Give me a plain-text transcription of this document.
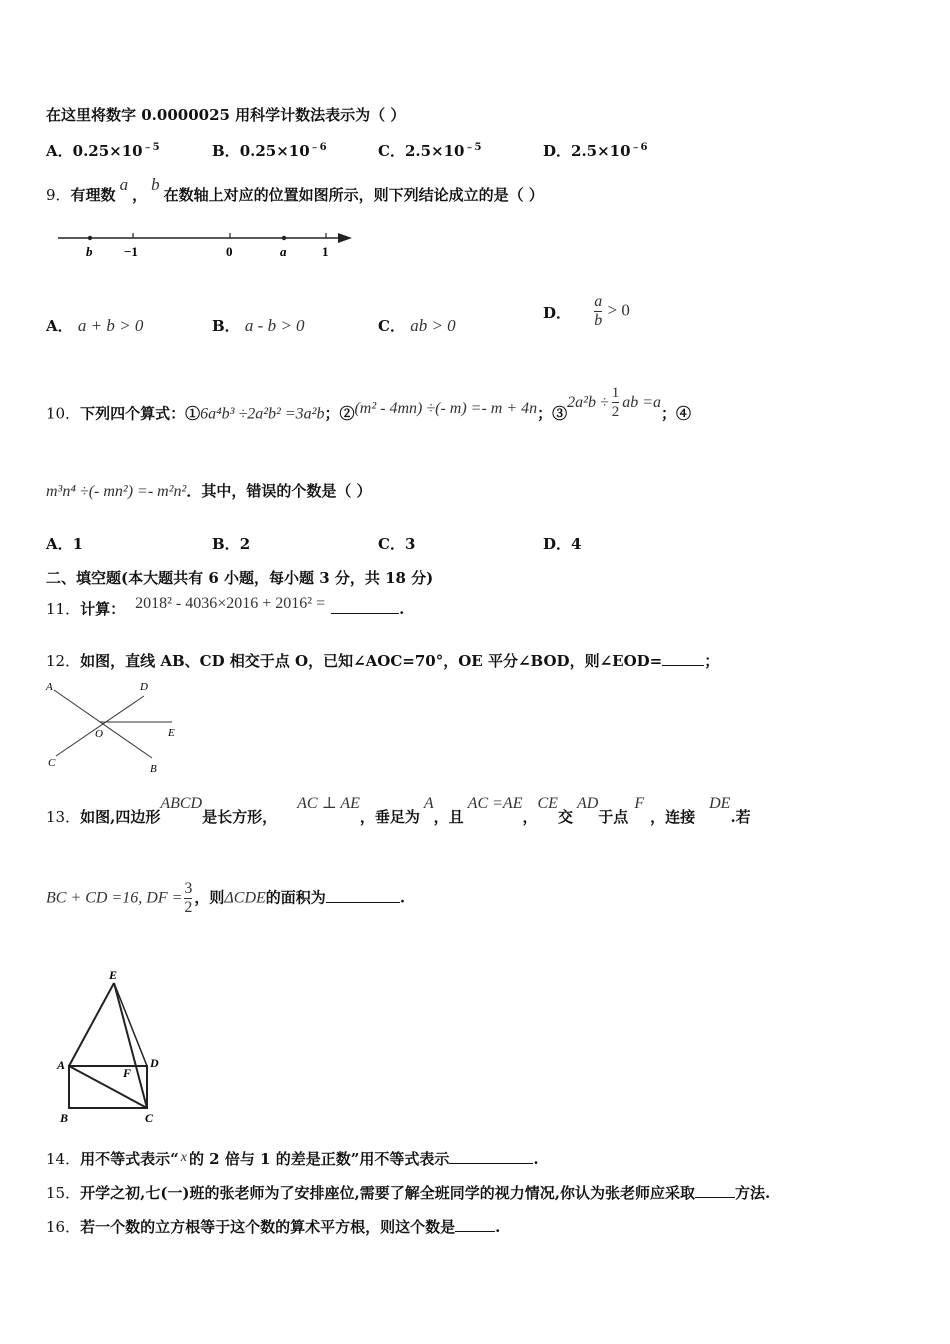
在这里将数字 0.0000025 用科学计数法表示为（ ）
A．$0.25\times 10^{﹣5}$	B．$0.25\times 10^{﹣6}$	C．$2.5\times 10^{﹣5}$	D．$2.5\times 10^{﹣6}$
9．有理数a，b在数轴上对应的位置如图所示，则下列结论成立的是（ ）
b −1	0	a	1
A． a + b > 0	B． a - b > 0	C． ab > 0
D． $\frac{a}{b} > 0$
10．下列四个算式：①6a⁴b³ ÷2a²b² =3a²b；②(m² - 4mn) ÷(- m) =- m + 4n；③2a²b ÷ $\frac{1}{2}$ ab =a；④
m³n⁴ ÷(- mn²) =- m²n²．其中，错误的个数是（ ）
A．1	B．2	C．3	D．4
二、填空题(本大题共有 6 小题，每小题 3 分，共 18 分)
11．计算： 2018² - 4036×2016 + 2016² =	.
12．如图，直线 AB、CD 相交于点 O，已知∠AOC=70°，OE 平分∠BOD，则∠EOD=	；
A	D
O	E
C	B
13．如图,四边形ABCD是长方形，AC ⊥ AE，垂足为A，且AC =AE，CE交AD于点F，连接DE.若
BC + CD =16, DF = $\frac{3}{2}$ ，则ΔCDE的面积为	.
E
A	D
F
B	C
14．用不等式表示“ x 的 2 倍与 1 的差是正数”用不等式表示	.
15．开学之初,七(一)班的张老师为了安排座位,需要了解全班同学的视力情况,你认为张老师应采取	方法.
16．若一个数的立方根等于这个数的算术平方根，则这个数是	.
